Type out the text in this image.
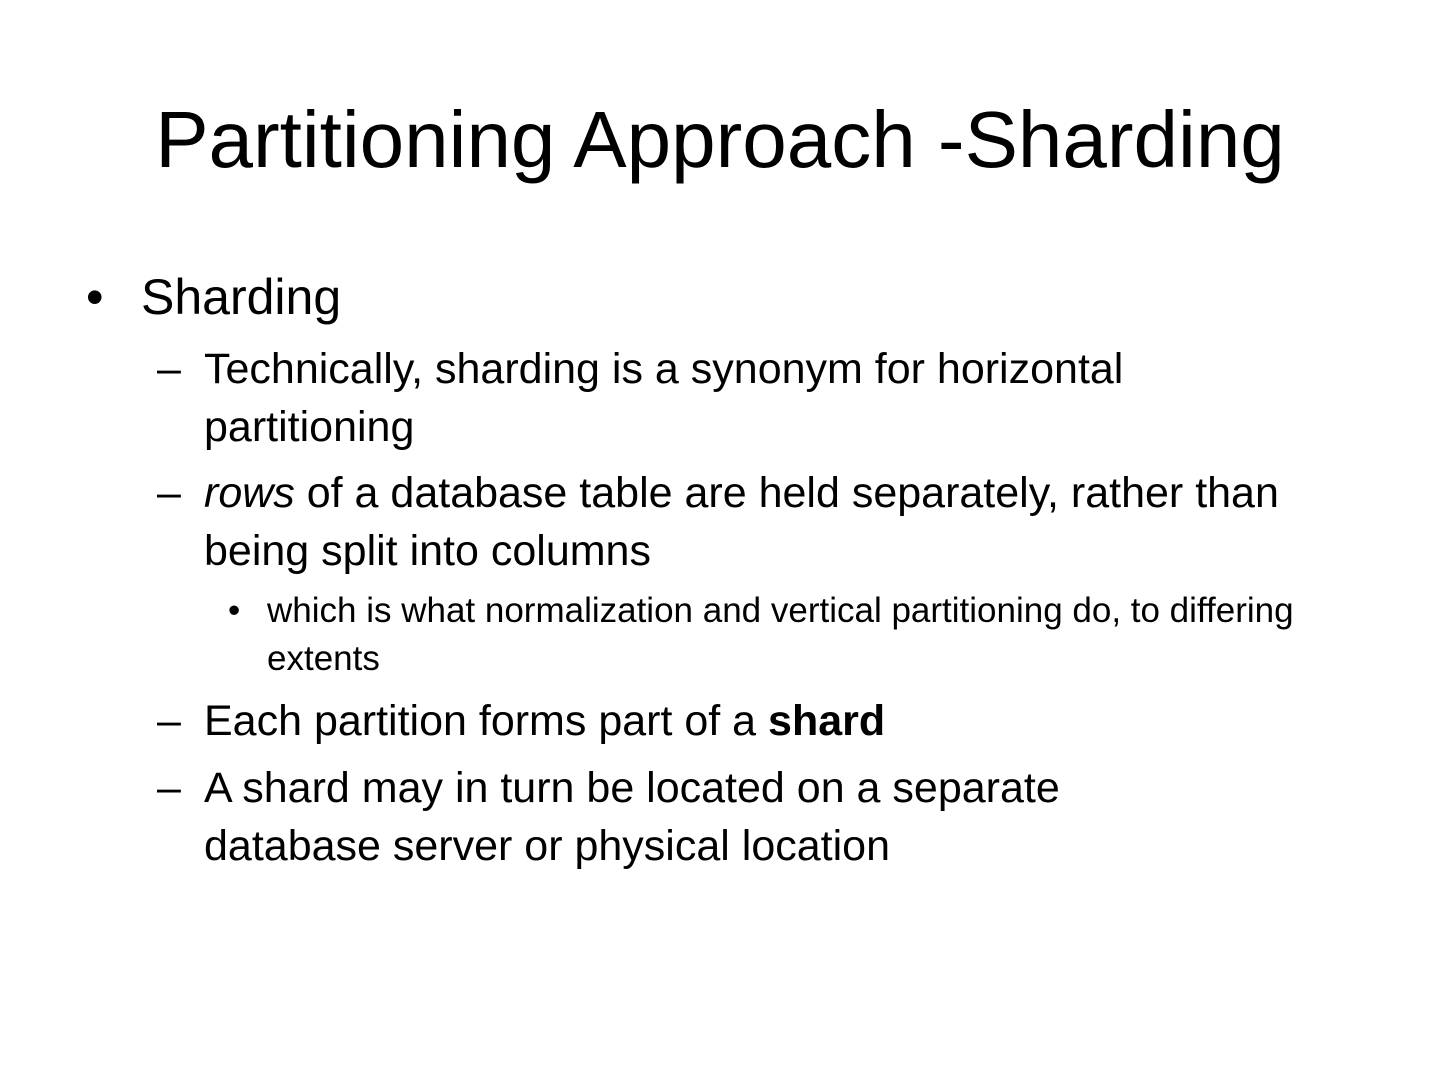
Partitioning Approach -Sharding
• Sharding

– Technically, sharding is a synonym for horizontal partitioning

– rows of a database table are held separately, rather than being split into columns

• which is what normalization and vertical partitioning do, to differing extents

– Each partition forms part of a shard

– A shard may in turn be located on a separate database server or physical location
